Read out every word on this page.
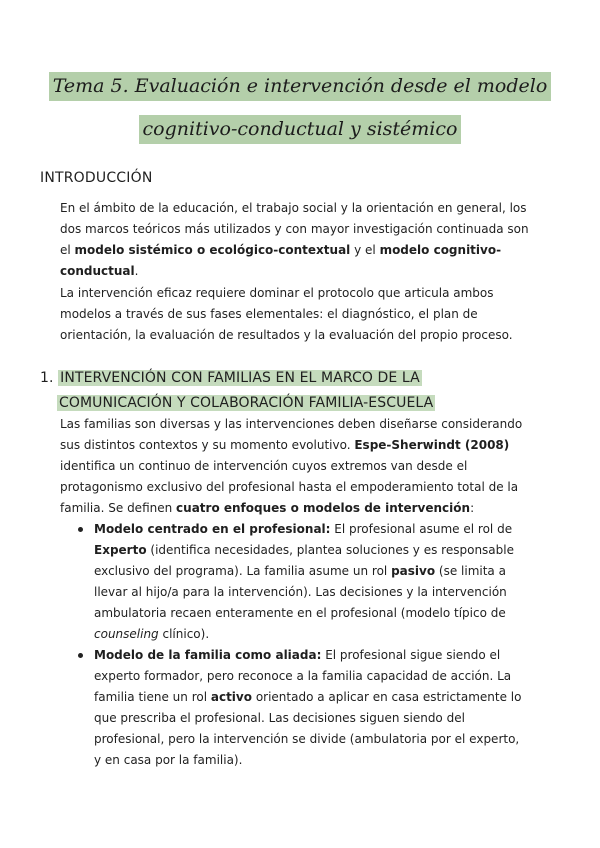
Tema 5. Evaluación e intervención desde el modelo
cognitivo-conductual y sistémico
INTRODUCCIÓN
En el ámbito de la educación, el trabajo social y la orientación en general, los dos marcos teóricos más utilizados y con mayor investigación continuada son el modelo sistémico o ecológico-contextual y el modelo cognitivo-conductual.
La intervención eficaz requiere dominar el protocolo que articula ambos modelos a través de sus fases elementales: el diagnóstico, el plan de orientación, la evaluación de resultados y la evaluación del propio proceso.
1. INTERVENCIÓN CON FAMILIAS EN EL MARCO DE LA
COMUNICACIÓN Y COLABORACIÓN FAMILIA-ESCUELA
Las familias son diversas y las intervenciones deben diseñarse considerando sus distintos contextos y su momento evolutivo. Espe-Sherwindt (2008) identifica un continuo de intervención cuyos extremos van desde el protagonismo exclusivo del profesional hasta el empoderamiento total de la familia. Se definen cuatro enfoques o modelos de intervención:
Modelo centrado en el profesional: El profesional asume el rol de Experto (identifica necesidades, plantea soluciones y es responsable exclusivo del programa). La familia asume un rol pasivo (se limita a llevar al hijo/a para la intervención). Las decisiones y la intervención ambulatoria recaen enteramente en el profesional (modelo típico de counseling clínico).
Modelo de la familia como aliada: El profesional sigue siendo el experto formador, pero reconoce a la familia capacidad de acción. La familia tiene un rol activo orientado a aplicar en casa estrictamente lo que prescriba el profesional. Las decisiones siguen siendo del profesional, pero la intervención se divide (ambulatoria por el experto, y en casa por la familia).
